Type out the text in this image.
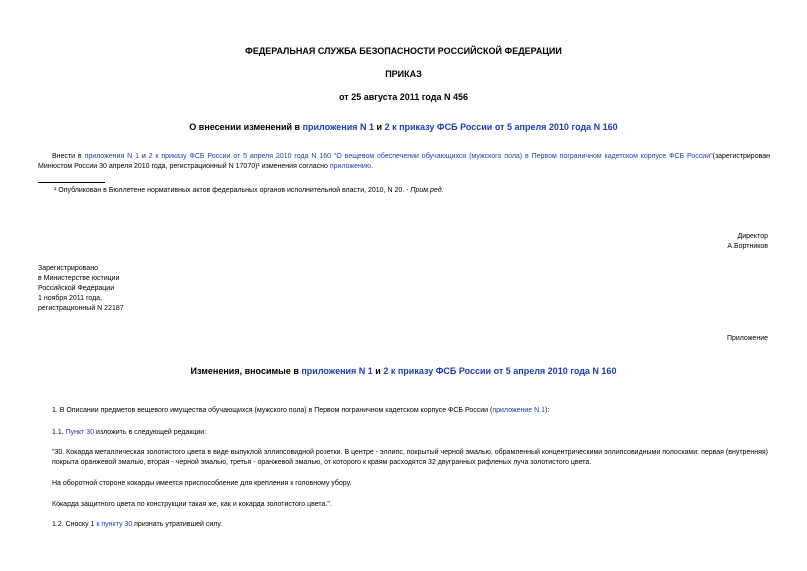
ФЕДЕРАЛЬНАЯ СЛУЖБА БЕЗОПАСНОСТИ РОССИЙСКОЙ ФЕДЕРАЦИИ
ПРИКАЗ
от 25 августа 2011 года N 456
О внесении изменений в приложения N 1 и 2 к приказу ФСБ России от 5 апреля 2010 года N 160
Внести в приложения N 1 и 2 к приказу ФСБ России от 5 апреля 2010 года N 160 "О вещевом обеспечении обучающихся (мужского пола) в Первом пограничном кадетском корпусе ФСБ России"(зарегистрирован Минюстом России 30 апреля 2010 года, регистрационный N 17070)¹ изменения согласно приложению.
¹ Опубликован в Бюллетене нормативных актов федеральных органов исполнительной власти, 2010, N 20. - Прим.ред.
Директор
А.Бортников
Зарегистрировано
в Министерстве юстиции
Российской Федерации
1 ноября 2011 года,
регистрационный N 22187
Приложение
Изменения, вносимые в приложения N 1 и 2 к приказу ФСБ России от 5 апреля 2010 года N 160
1. В Описании предметов вещевого имущества обучающихся (мужского пола) в Первом пограничном кадетском корпусе ФСБ России (приложение N 1):
1.1. Пункт 30 изложить в следующей редакции:
"30. Кокарда металлическая золотистого цвета в виде выпуклой эллипсовидной розетки. В центре - эллипс, покрытый черной эмалью, обрамленный концентрическими эллипсовидными полосками: первая (внутренняя) покрыта оранжевой эмалью, вторая - черной эмалью, третья - оранжевой эмалью, от которого к краям расходятся 32 двугранных рифленых луча золотистого цвета.
На оборотной стороне кокарды имеется приспособление для крепления к головному убору.
Кокарда защитного цвета по конструкции такая же, как и кокарда золотистого цвета.".
1.2. Сноску 1 к пункту 30 признать утратившей силу.
